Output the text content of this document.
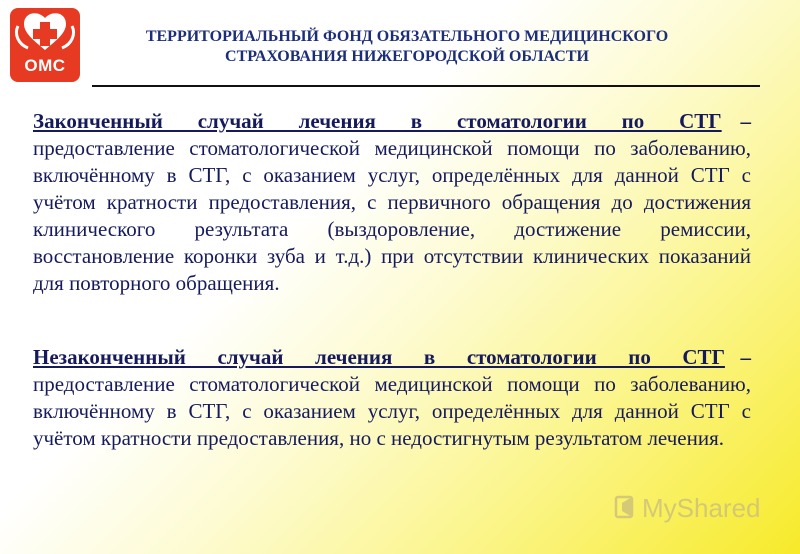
ОМС
ТЕРРИТОРИАЛЬНЫЙ ФОНД ОБЯЗАТЕЛЬНОГО МЕДИЦИНСКОГО
СТРАХОВАНИЯ НИЖЕГОРОДСКОЙ ОБЛАСТИ
Законченный случай лечения в стоматологии по СТГ – предоставление стоматологической медицинской помощи по заболеванию, включённому в СТГ, с оказанием услуг, определённых для данной СТГ с учётом кратности предоставления, с первичного обращения до достижения клинического результата (выздоровление, достижение ремиссии, восстановление коронки зуба и т.д.) при отсутствии клинических показаний для повторного обращения.
Незаконченный случай лечения в стоматологии по СТГ – предоставление стоматологической медицинской помощи по заболеванию, включённому в СТГ, с оказанием услуг, определённых для данной СТГ с учётом кратности предоставления, но с недостигнутым результатом лечения.
MyShared
